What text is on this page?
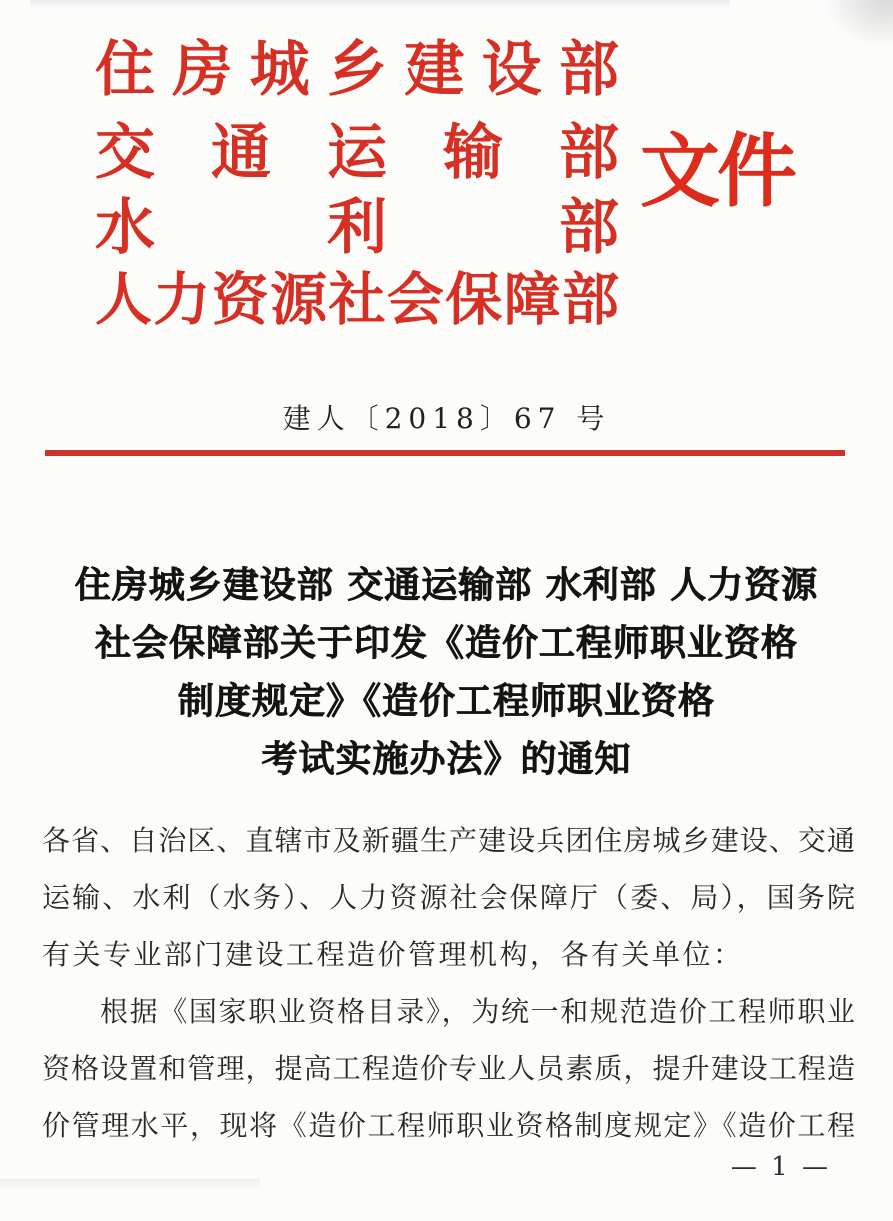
住房城乡建设部
交通运输部
水利部
人力资源社会保障部
文件
建人〔2018〕67 号
住房城乡建设部 交通运输部 水利部 人力资源
社会保障部关于印发《造价工程师职业资格
制度规定》《造价工程师职业资格
考试实施办法》的通知
各省、自治区、直辖市及新疆生产建设兵团住房城乡建设、交通
运输、水利（水务）、人力资源社会保障厅（委、局），国务院
有关专业部门建设工程造价管理机构，各有关单位：
根据《国家职业资格目录》，为统一和规范造价工程师职业
资格设置和管理，提高工程造价专业人员素质，提升建设工程造
价管理水平，现将《造价工程师职业资格制度规定》《造价工程
— 1 —
